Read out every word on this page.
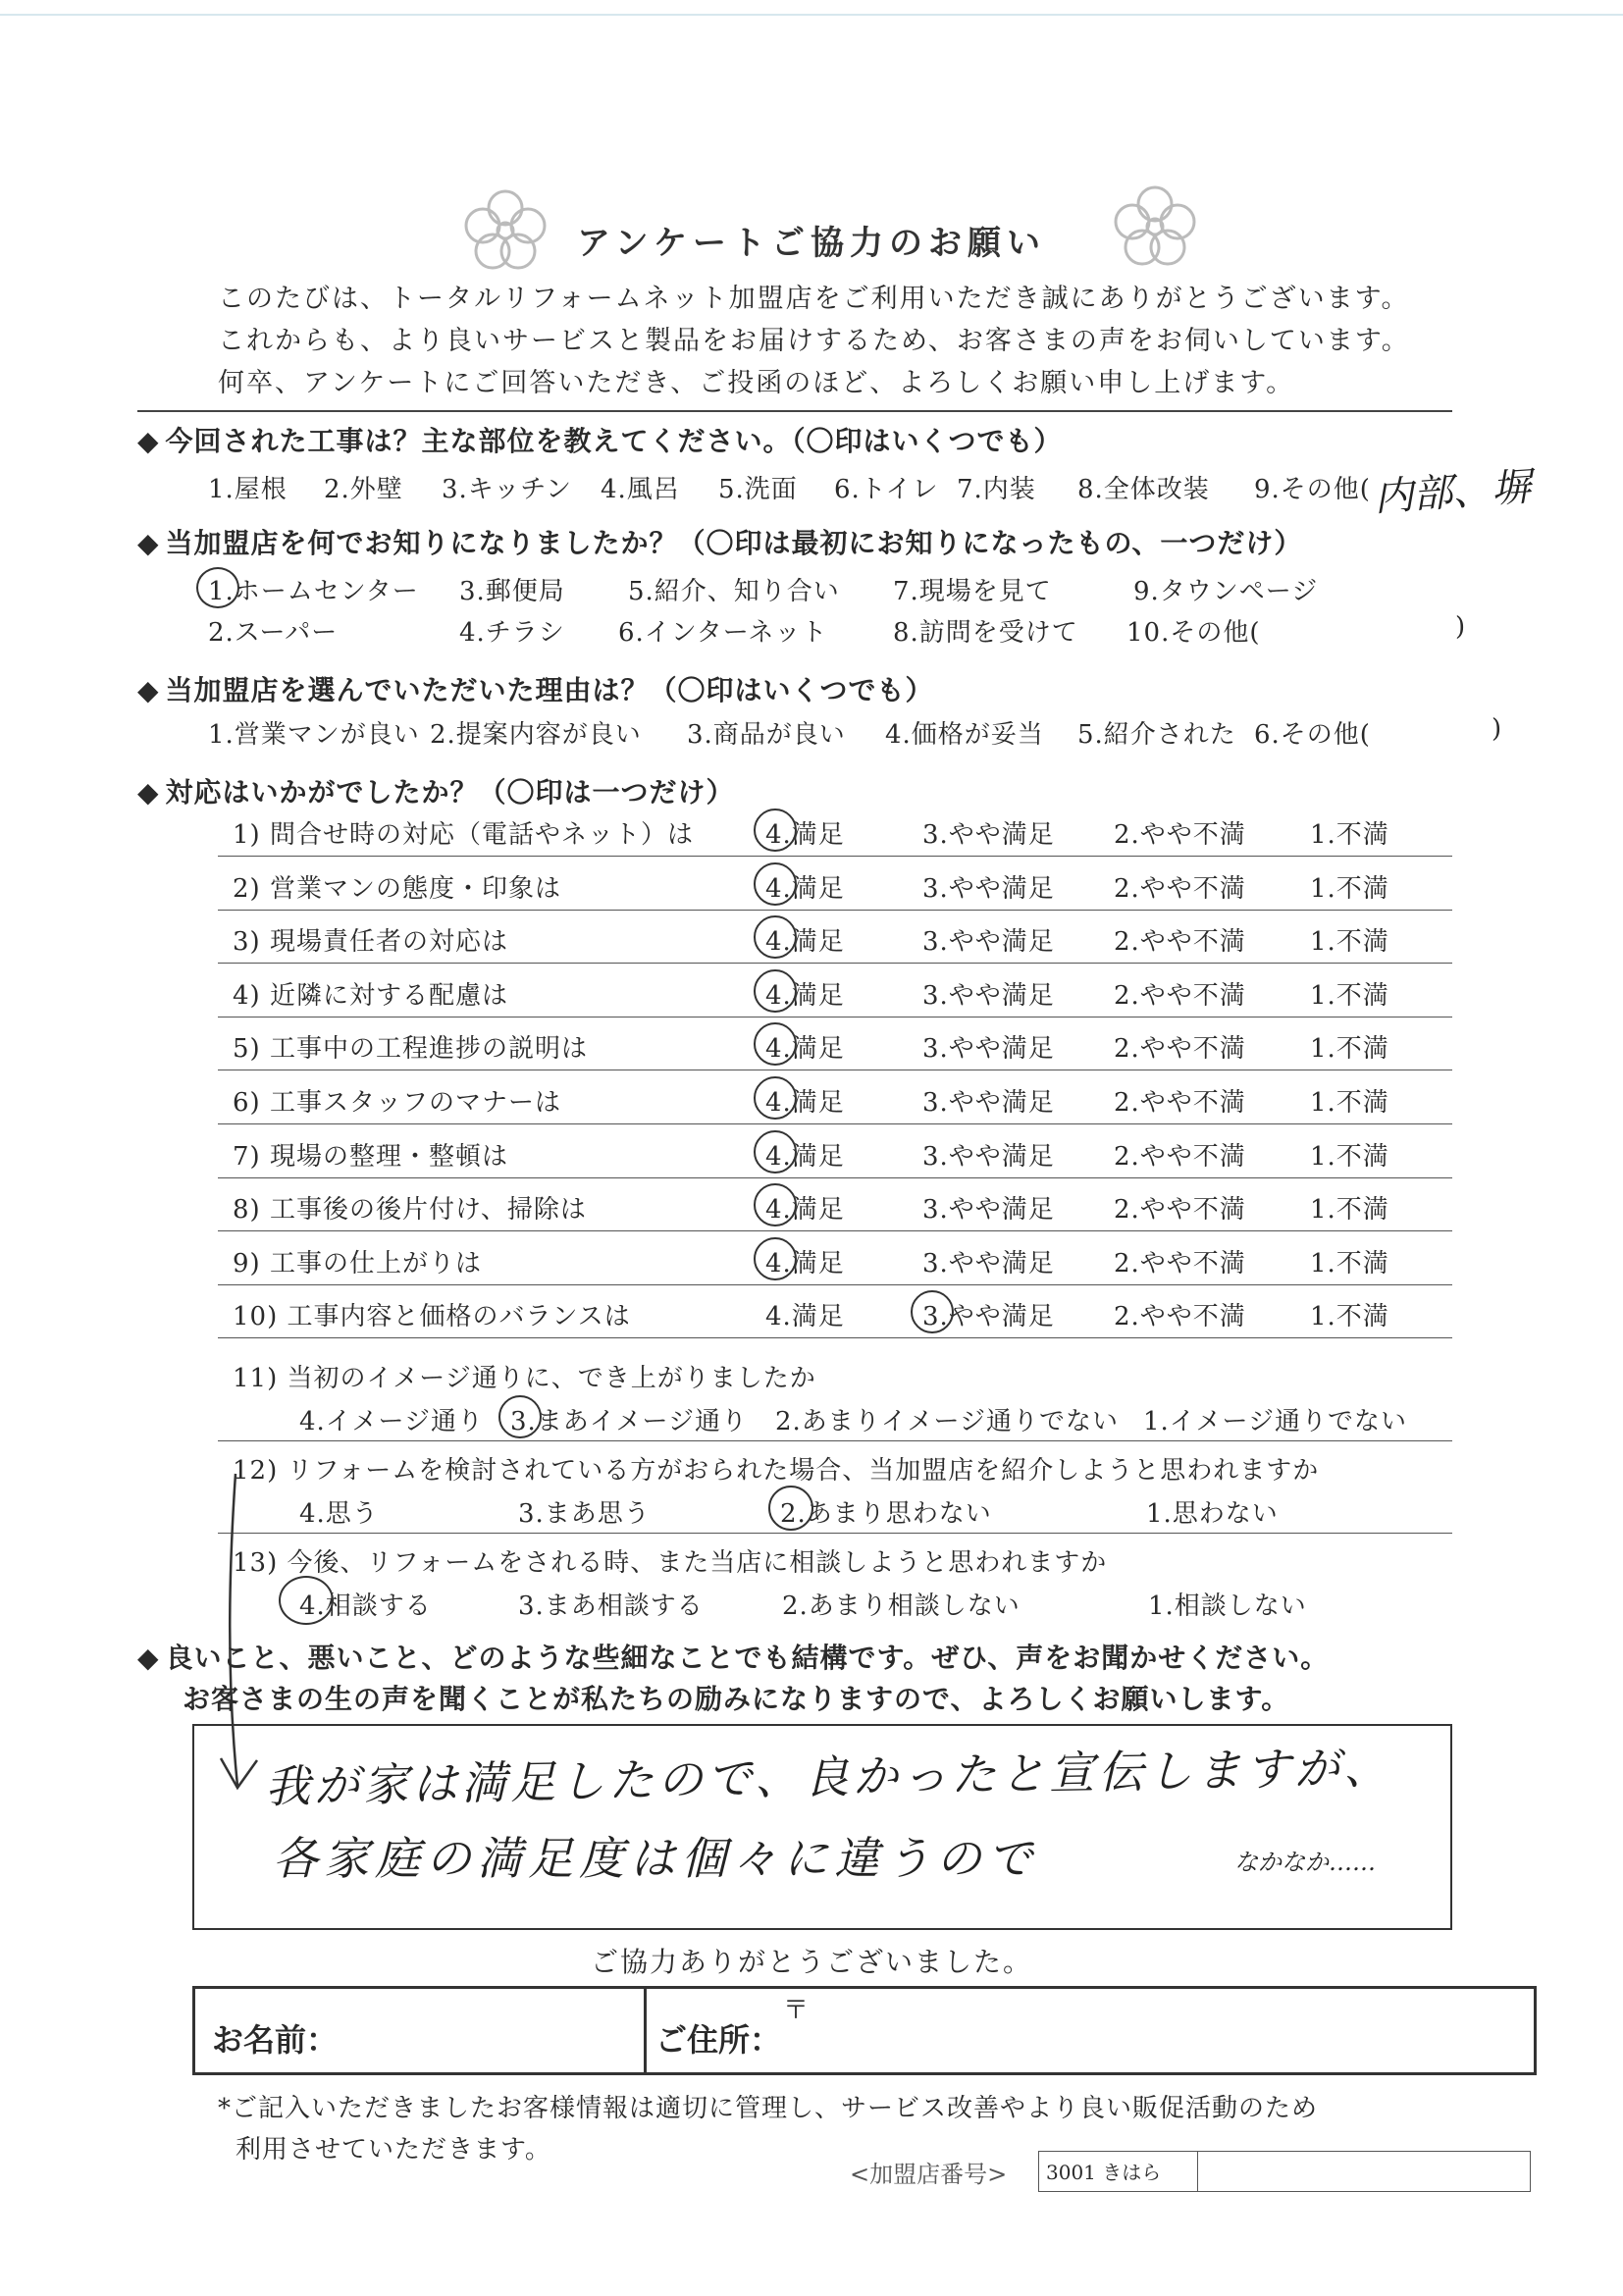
アンケートご協力のお願い
このたびは、トータルリフォームネット加盟店をご利用いただき誠にありがとうございます。
これからも、より良いサービスと製品をお届けするため、お客さまの声をお伺いしています。
何卒、アンケートにご回答いただき、ご投函のほど、よろしくお願い申し上げます。
◆ 今回された工事は？主な部位を教えてください。（〇印はいくつでも）
1.屋根 2.外壁 3.キッチン 4.風呂 5.洗面 6.トイレ 7.内装 8.全体改装 9.その他( 内部、塀
◆ 当加盟店を何でお知りになりましたか？（〇印は最初にお知りになったもの、一つだけ）
1.ホームセンター 3.郵便局 5.紹介、知り合い 7.現場を見て	9.タウンページ
2.スーパー	4.チラシ 6.インターネット	8.訪問を受けて 10.その他(	)
◆ 当加盟店を選んでいただいた理由は？（〇印はいくつでも）
1.営業マンが良い 2.提案内容が良い 3.商品が良い 4.価格が妥当 5.紹介された 6.その他(	)
◆ 対応はいかがでしたか？（〇印は一つだけ）
1) 問合せ時の対応（電話やネット）は	4.満足	3.やや満足 2.やや不満	1.不満
2) 営業マンの態度・印象は	4.満足	3.やや満足 2.やや不満	1.不満
3) 現場責任者の対応は	4.満足	3.やや満足 2.やや不満	1.不満
4) 近隣に対する配慮は	4.満足	3.やや満足 2.やや不満	1.不満
5) 工事中の工程進捗の説明は	4.満足	3.やや満足 2.やや不満	1.不満
6) 工事スタッフのマナーは	4.満足	3.やや満足 2.やや不満	1.不満
7) 現場の整理・整頓は	4.満足	3.やや満足 2.やや不満	1.不満
8) 工事後の後片付け、掃除は	4.満足	3.やや満足 2.やや不満	1.不満
9) 工事の仕上がりは	4.満足	3.やや満足 2.やや不満	1.不満
10) 工事内容と価格のバランスは	4.満足	3.やや満足 2.やや不満	1.不満
11) 当初のイメージ通りに、でき上がりましたか
4.イメージ通り 3.まあイメージ通り 2.あまりイメージ通りでない 1.イメージ通りでない
12) リフォームを検討されている方がおられた場合、当加盟店を紹介しようと思われますか
4.思う	3.まあ思う	2.あまり思わない	1.思わない
13) 今後、リフォームをされる時、また当店に相談しようと思われますか
4.相談する	3.まあ相談する	2.あまり相談しない	1.相談しない
◆ 良いこと、悪いこと、どのような些細なことでも結構です。ぜひ、声をお聞かせください。
お客さまの生の声を聞くことが私たちの励みになりますので、よろしくお願いします。
我が家は満足したので、良かったと宣伝しますが、
各家庭の満足度は個々に違うので	なかなか……
ご協力ありがとうございました。
お名前：	ご住所：
〒
*ご記入いただきましたお客様情報は適切に管理し、サービス改善やより良い販促活動のため
利用させていただきます。
<加盟店番号> 3001 きはら
